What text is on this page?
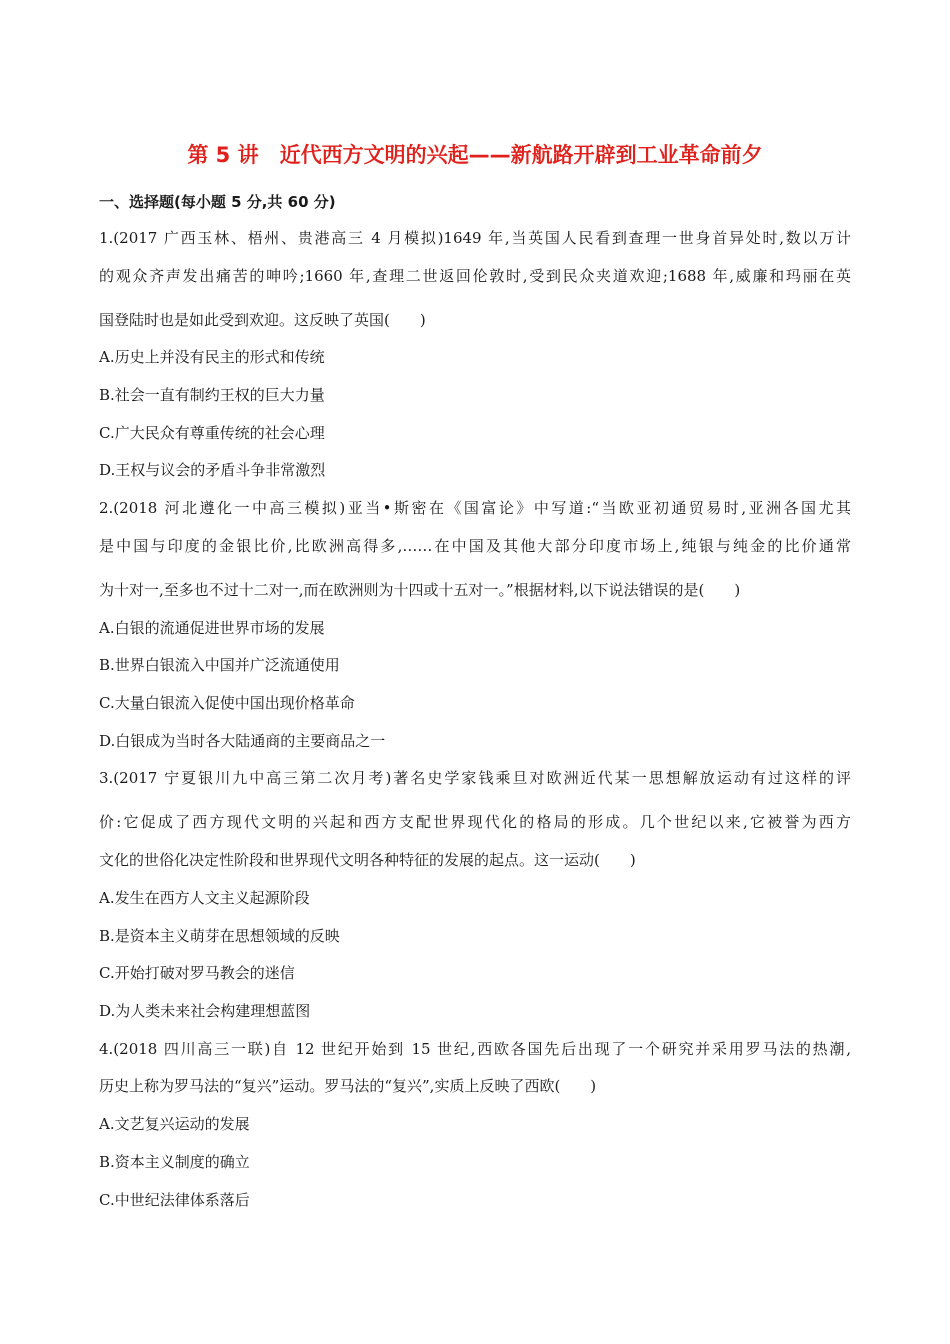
第 5 讲　近代西方文明的兴起——新航路开辟到工业革命前夕
一、选择题(每小题 5 分,共 60 分)
1.(2017 广西玉林、梧州、贵港高三 4 月模拟)1649 年,当英国人民看到查理一世身首异处时,数以万计
的观众齐声发出痛苦的呻吟;1660 年,查理二世返回伦敦时,受到民众夹道欢迎;1688 年,威廉和玛丽在英
国登陆时也是如此受到欢迎。这反映了英国(　　)
A.历史上并没有民主的形式和传统
B.社会一直有制约王权的巨大力量
C.广大民众有尊重传统的社会心理
D.王权与议会的矛盾斗争非常激烈
2.(2018 河北遵化一中高三模拟)亚当•斯密在《国富论》中写道:“当欧亚初通贸易时,亚洲各国尤其
是中国与印度的金银比价,比欧洲高得多,……在中国及其他大部分印度市场上,纯银与纯金的比价通常
为十对一,至多也不过十二对一,而在欧洲则为十四或十五对一。”根据材料,以下说法错误的是(　　)
A.白银的流通促进世界市场的发展
B.世界白银流入中国并广泛流通使用
C.大量白银流入促使中国出现价格革命
D.白银成为当时各大陆通商的主要商品之一
3.(2017 宁夏银川九中高三第二次月考)著名史学家钱乘旦对欧洲近代某一思想解放运动有过这样的评
价:它促成了西方现代文明的兴起和西方支配世界现代化的格局的形成。几个世纪以来,它被誉为西方
文化的世俗化决定性阶段和世界现代文明各种特征的发展的起点。这一运动(　　)
A.发生在西方人文主义起源阶段
B.是资本主义萌芽在思想领域的反映
C.开始打破对罗马教会的迷信
D.为人类未来社会构建理想蓝图
4.(2018 四川高三一联)自 12 世纪开始到 15 世纪,西欧各国先后出现了一个研究并采用罗马法的热潮,
历史上称为罗马法的“复兴”运动。罗马法的“复兴”,实质上反映了西欧(　　)
A.文艺复兴运动的发展
B.资本主义制度的确立
C.中世纪法律体系落后
